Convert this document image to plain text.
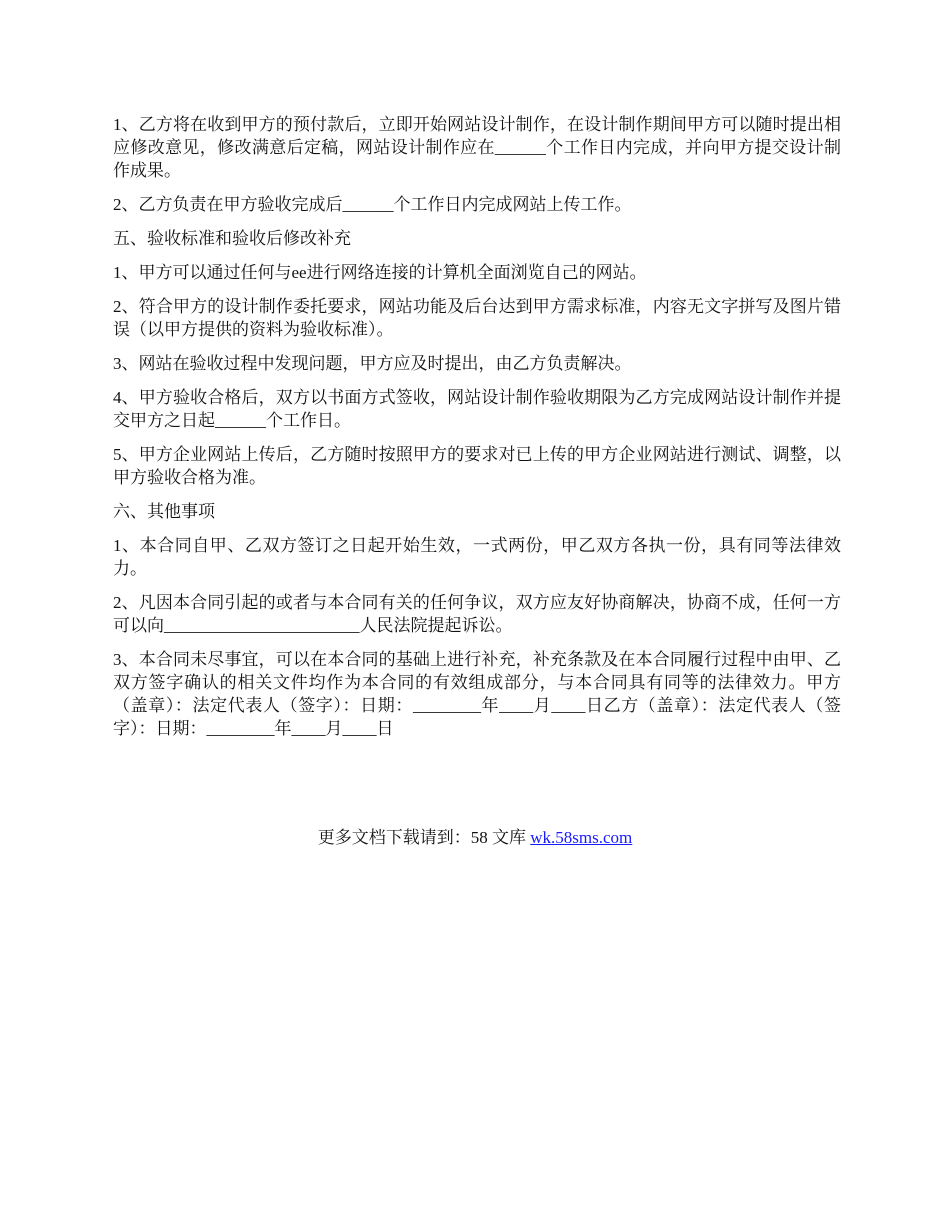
1、乙方将在收到甲方的预付款后，立即开始网站设计制作，在设计制作期间甲方可以随时提出相应修改意见，修改满意后定稿，网站设计制作应在______个工作日内完成，并向甲方提交设计制作成果。

2、乙方负责在甲方验收完成后______个工作日内完成网站上传工作。

五、验收标准和验收后修改补充

1、甲方可以通过任何与ee进行网络连接的计算机全面浏览自己的网站。

2、符合甲方的设计制作委托要求，网站功能及后台达到甲方需求标准，内容无文字拼写及图片错误（以甲方提供的资料为验收标准）。

3、网站在验收过程中发现问题，甲方应及时提出，由乙方负责解决。

4、甲方验收合格后，双方以书面方式签收，网站设计制作验收期限为乙方完成网站设计制作并提交甲方之日起______个工作日。

5、甲方企业网站上传后，乙方随时按照甲方的要求对已上传的甲方企业网站进行测试、调整，以甲方验收合格为准。

六、其他事项

1、本合同自甲、乙双方签订之日起开始生效，一式两份，甲乙双方各执一份，具有同等法律效力。

2、凡因本合同引起的或者与本合同有关的任何争议，双方应友好协商解决，协商不成，任何一方可以向_______________________人民法院提起诉讼。

3、本合同未尽事宜，可以在本合同的基础上进行补充，补充条款及在本合同履行过程中由甲、乙双方签字确认的相关文件均作为本合同的有效组成部分，与本合同具有同等的法律效力。甲方（盖章）：法定代表人（签字）：日期：________年____月____日乙方（盖章）：法定代表人（签字）：日期：________年____月____日

更多文档下载请到：58 文库 wk.58sms.com
